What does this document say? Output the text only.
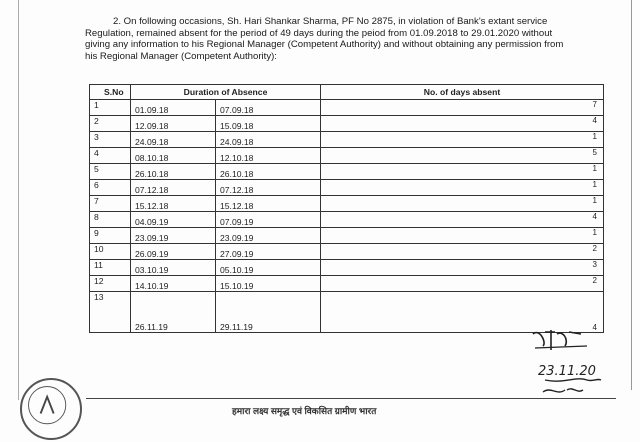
2. On following occasions, Sh. Hari Shankar Sharma, PF No 2875, in violation of Bank's extant service

Regulation, remained absent for the period of 49 days during the peiod from 01.09.2018 to 29.01.2020 without

giving any information to his Regional Manager (Competent Authority) and without obtaining any permission from

his Regional Manager (Competent Authority):

S.No	Duration of Absence		No. of days absent
1	01.09.18	07.09.18	7
2	12.09.18	15.09.18	4
3	24.09.18	24.09.18	1
4	08.10.18	12.10.18	5
5	26.10.18	26.10.18	1
6	07.12.18	07.12.18	1
7	15.12.18	15.12.18	1
8	04.09.19	07.09.19	4
9	23.09.19	23.09.19	1
10	26.09.19	27.09.19	2
11	03.10.19	05.10.19	3
12	14.10.19	15.10.19	2
13	26.11.19	29.11.19	4
23.11.20
हमारा लक्ष्य समृद्ध एवं विकसित ग्रामीण भारत
